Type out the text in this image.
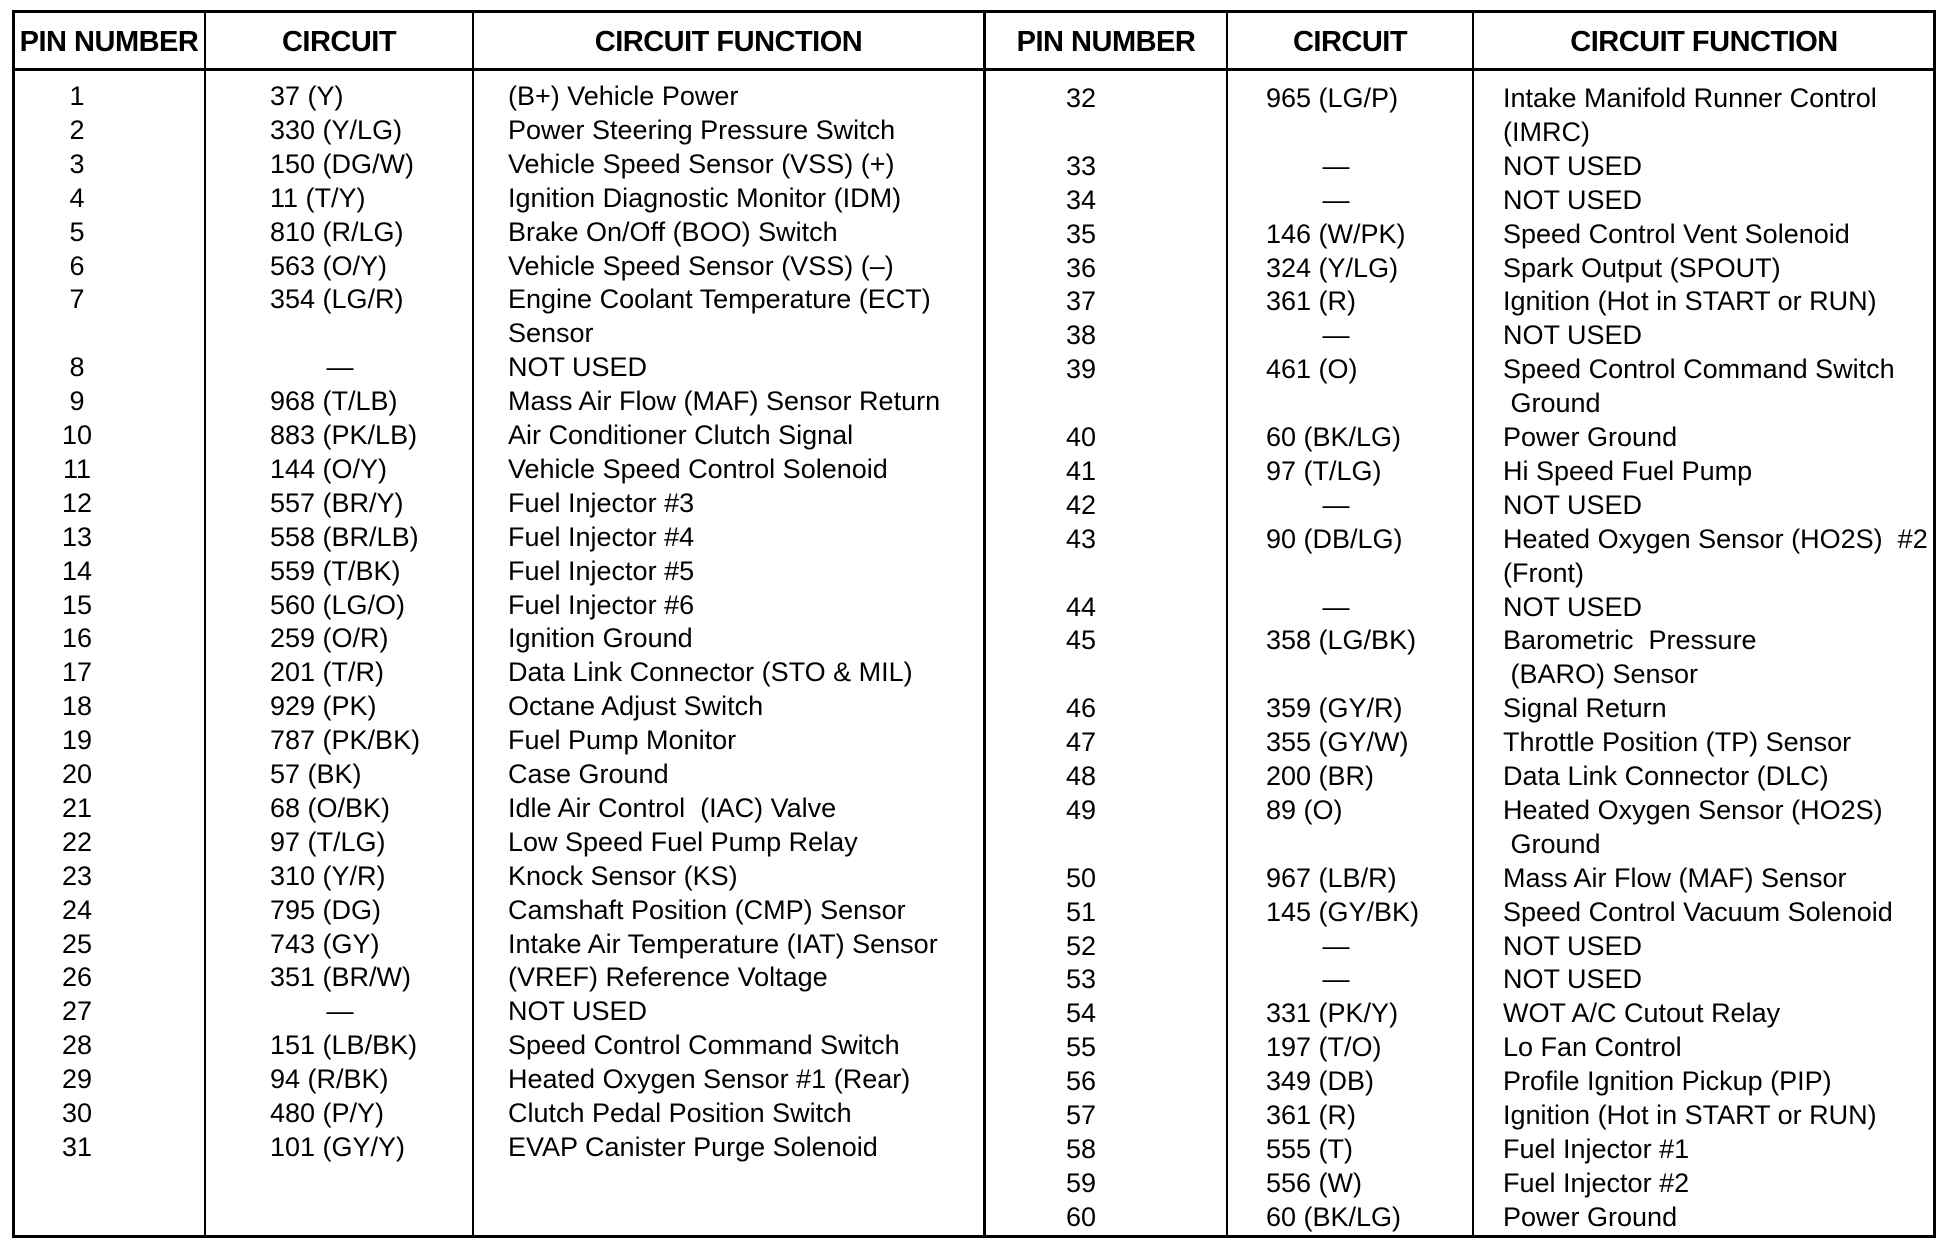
PIN NUMBER	CIRCUIT	CIRCUIT FUNCTION	PIN NUMBER	CIRCUIT	CIRCUIT FUNCTION
1	37 (Y)	(B+) Vehicle Power
2	330 (Y/LG)	Power Steering Pressure Switch
3	150 (DG/W)	Vehicle Speed Sensor (VSS) (+)
4	11 (T/Y)	Ignition Diagnostic Monitor (IDM)
5	810 (R/LG)	Brake On/Off (BOO) Switch
6	563 (O/Y)	Vehicle Speed Sensor (VSS) (–)
7	354 (LG/R)	Engine Coolant Temperature (ECT)
Sensor
8	—	NOT USED
9	968 (T/LB)	Mass Air Flow (MAF) Sensor Return
10	883 (PK/LB)	Air Conditioner Clutch Signal
11	144 (O/Y)	Vehicle Speed Control Solenoid
12	557 (BR/Y)	Fuel Injector #3
13	558 (BR/LB)	Fuel Injector #4
14	559 (T/BK)	Fuel Injector #5
15	560 (LG/O)	Fuel Injector #6
16	259 (O/R)	Ignition Ground
17	201 (T/R)	Data Link Connector (STO & MIL)
18	929 (PK)	Octane Adjust Switch
19	787 (PK/BK)	Fuel Pump Monitor
20	57 (BK)	Case Ground
21	68 (O/BK)	Idle Air Control  (IAC) Valve
22	97 (T/LG)	Low Speed Fuel Pump Relay
23	310 (Y/R)	Knock Sensor (KS)
24	795 (DG)	Camshaft Position (CMP) Sensor
25	743 (GY)	Intake Air Temperature (IAT) Sensor
26	351 (BR/W)	(VREF) Reference Voltage
27	—	NOT USED
28	151 (LB/BK)	Speed Control Command Switch
29	94 (R/BK)	Heated Oxygen Sensor #1 (Rear)
30	480 (P/Y)	Clutch Pedal Position Switch
31	101 (GY/Y)	EVAP Canister Purge Solenoid
32	965 (LG/P)	Intake Manifold Runner Control
(IMRC)
33	—	NOT USED
34	—	NOT USED
35	146 (W/PK)	Speed Control Vent Solenoid
36	324 (Y/LG)	Spark Output (SPOUT)
37	361 (R)	Ignition (Hot in START or RUN)
38	—	NOT USED
39	461 (O)	Speed Control Command Switch
Ground
40	60 (BK/LG)	Power Ground
41	97 (T/LG)	Hi Speed Fuel Pump
42	—	NOT USED
43	90 (DB/LG)	Heated Oxygen Sensor (HO2S)  #2
(Front)
44	—	NOT USED
45	358 (LG/BK)	Barometric  Pressure
(BARO) Sensor
46	359 (GY/R)	Signal Return
47	355 (GY/W)	Throttle Position (TP) Sensor
48	200 (BR)	Data Link Connector (DLC)
49	89 (O)	Heated Oxygen Sensor (HO2S)
Ground
50	967 (LB/R)	Mass Air Flow (MAF) Sensor
51	145 (GY/BK)	Speed Control Vacuum Solenoid
52	—	NOT USED
53	—	NOT USED
54	331 (PK/Y)	WOT A/C Cutout Relay
55	197 (T/O)	Lo Fan Control
56	349 (DB)	Profile Ignition Pickup (PIP)
57	361 (R)	Ignition (Hot in START or RUN)
58	555 (T)	Fuel Injector #1
59	556 (W)	Fuel Injector #2
60	60 (BK/LG)	Power Ground
